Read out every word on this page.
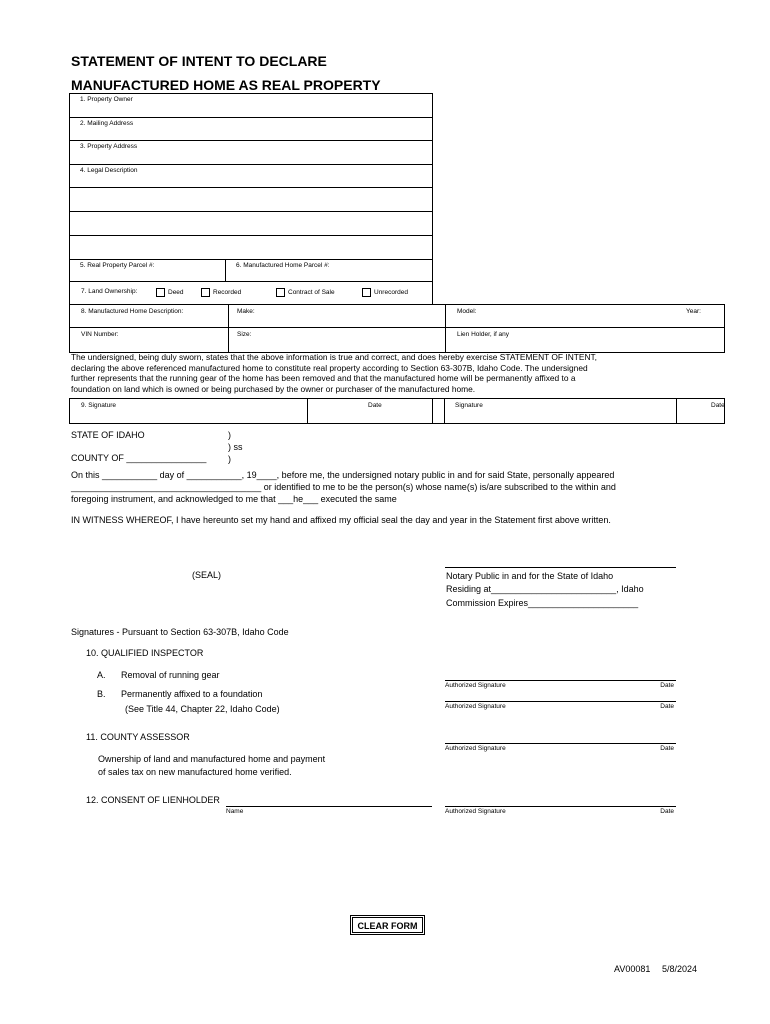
STATEMENT OF INTENT TO DECLARE
MANUFACTURED HOME AS REAL PROPERTY
1. Property Owner
2. Mailing Address
3. Property Address
4. Legal Description
5. Real Property Parcel #:	6. Manufactured Home Parcel #:
7. Land Ownership:	Deed	Recorded	Contract of Sale	Unrecorded
8. Manufactured Home Description:	Make:	Model:	Year:
VIN Number:	Size:	Lien Holder, if any
The undersigned, being duly sworn, states that the above information is true and correct, and does hereby exercise STATEMENT OF INTENT,
declaring the above referenced manufactured home to constitute real property according to Section 63-307B, Idaho Code. The undersigned
further represents that the running gear of the home has been removed and that the manufactured home will be permanently affixed to a
foundation on land which is owned or being purchased by the owner or purchaser of the manufactured home.
9. Signature	Date	Signature	Date
STATE OF IDAHO	)
) ss
COUNTY OF ________________ )
On this ___________ day of ___________, 19____, before me, the undersigned notary public in and for said State, personally appeared
______________________________________ or identified to me to be the person(s) whose name(s) is/are subscribed to the within and
foregoing instrument, and acknowledged to me that ___he___ executed the same
IN WITNESS WHEREOF, I have hereunto set my hand and affixed my official seal the day and year in the Statement first above written.
(SEAL)	Notary Public in and for the State of Idaho
Residing at_________________________, Idaho
Commission Expires______________________
Signatures - Pursuant to Section 63-307B, Idaho Code
10. QUALIFIED INSPECTOR
A. Removal of running gear
B. Permanently affixed to a foundation
(See Title 44, Chapter 22, Idaho Code)
Authorized Signature	Date
Authorized Signature	Date
11. COUNTY ASSESSOR
Authorized Signature	Date
Ownership of land and manufactured home and payment
of sales tax on new manufactured home verified.
12. CONSENT OF LIENHOLDER
Name	Authorized Signature	Date
CLEAR FORM
AV00081 5/8/2024
